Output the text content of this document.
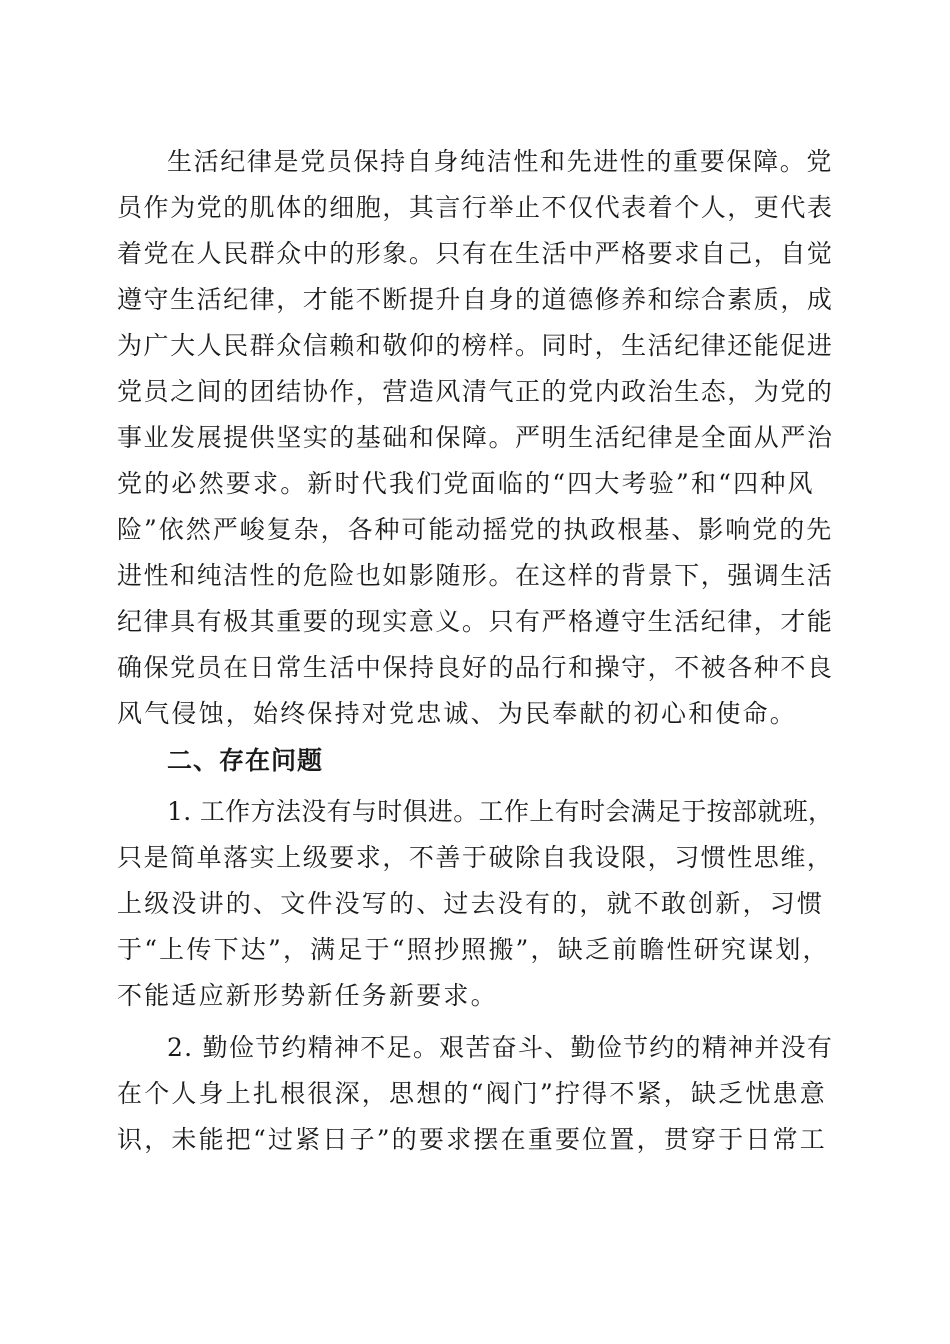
生活纪律是党员保持自身纯洁性和先进性的重要保障。党
员作为党的肌体的细胞，其言行举止不仅代表着个人，更代表
着党在人民群众中的形象。只有在生活中严格要求自己，自觉
遵守生活纪律，才能不断提升自身的道德修养和综合素质，成
为广大人民群众信赖和敬仰的榜样。同时，生活纪律还能促进
党员之间的团结协作，营造风清气正的党内政治生态，为党的
事业发展提供坚实的基础和保障。严明生活纪律是全面从严治
党的必然要求。新时代我们党面临的“四大考验”和“四种风
险”依然严峻复杂，各种可能动摇党的执政根基、影响党的先
进性和纯洁性的危险也如影随形。在这样的背景下，强调生活
纪律具有极其重要的现实意义。只有严格遵守生活纪律，才能
确保党员在日常生活中保持良好的品行和操守，不被各种不良
风气侵蚀，始终保持对党忠诚、为民奉献的初心和使命。
二、存在问题
1. 工作方法没有与时俱进。工作上有时会满足于按部就班，
只是简单落实上级要求，不善于破除自我设限，习惯性思维，
上级没讲的、文件没写的、过去没有的，就不敢创新，习惯
于“上传下达”，满足于“照抄照搬”，缺乏前瞻性研究谋划，
不能适应新形势新任务新要求。
2. 勤俭节约精神不足。艰苦奋斗、勤俭节约的精神并没有
在个人身上扎根很深，思想的“阀门”拧得不紧，缺乏忧患意
识，未能把“过紧日子”的要求摆在重要位置，贯穿于日常工
